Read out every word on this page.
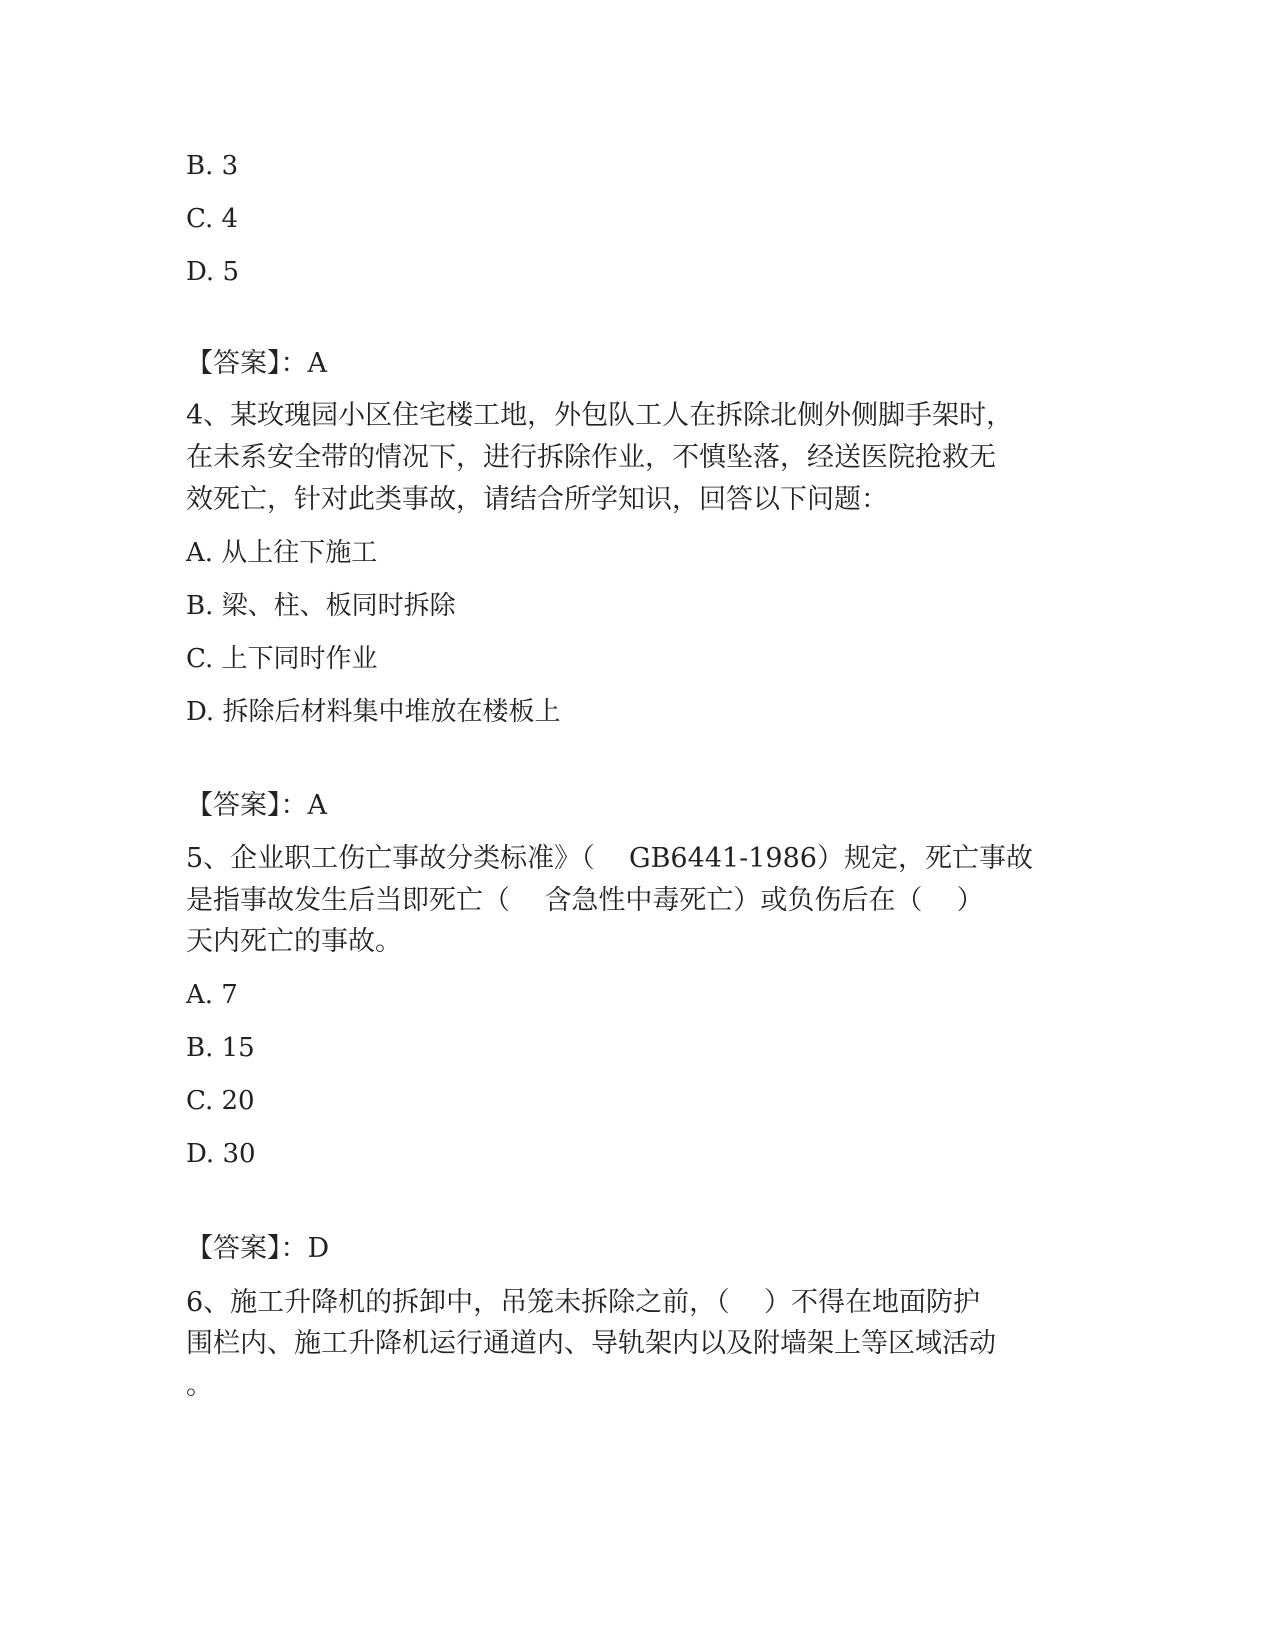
B. 3
C. 4
D. 5
【答案】：A
4、某玫瑰园小区住宅楼工地，外包队工人在拆除北侧外侧脚手架时，
在未系安全带的情况下，进行拆除作业，不慎坠落，经送医院抢救无
效死亡，针对此类事故，请结合所学知识，回答以下问题：
A. 从上往下施工
B. 梁、柱、板同时拆除
C. 上下同时作业
D. 拆除后材料集中堆放在楼板上
【答案】：A
5、企业职工伤亡事故分类标准》（    GB6441-1986）规定，死亡事故
是指事故发生后当即死亡（    含急性中毒死亡）或负伤后在（    ）
天内死亡的事故。
A. 7
B. 15
C. 20
D. 30
【答案】：D
6、施工升降机的拆卸中，吊笼未拆除之前，（    ）不得在地面防护
围栏内、施工升降机运行通道内、导轨架内以及附墙架上等区域活动
。
